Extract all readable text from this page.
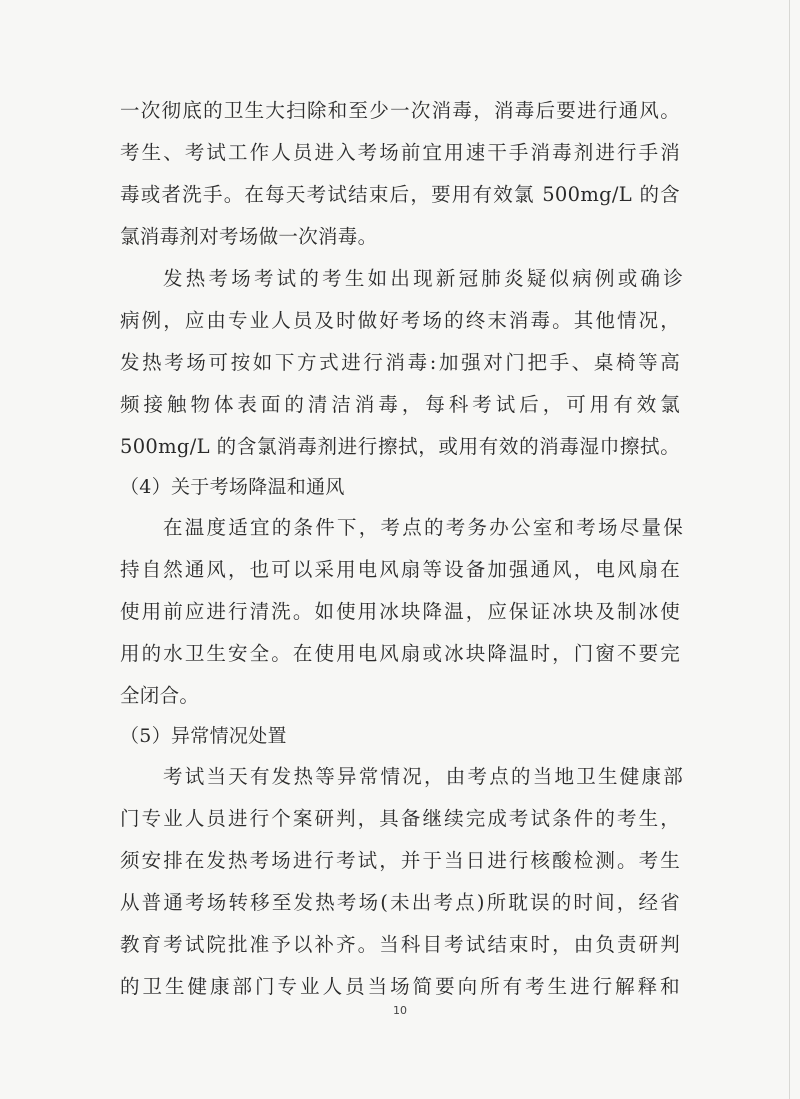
一次彻底的卫生大扫除和至少一次消毒，消毒后要进行通风。
考生、考试工作人员进入考场前宜用速干手消毒剂进行手消
毒或者洗手。在每天考试结束后，要用有效氯 500mg/L 的含
氯消毒剂对考场做一次消毒。
发热考场考试的考生如出现新冠肺炎疑似病例或确诊
病例，应由专业人员及时做好考场的终末消毒。其他情况，
发热考场可按如下方式进行消毒:加强对门把手、桌椅等高
频接触物体表面的清洁消毒，每科考试后，可用有效氯
500mg/L 的含氯消毒剂进行擦拭，或用有效的消毒湿巾擦拭。
（4）关于考场降温和通风
在温度适宜的条件下，考点的考务办公室和考场尽量保
持自然通风，也可以采用电风扇等设备加强通风，电风扇在
使用前应进行清洗。如使用冰块降温，应保证冰块及制冰使
用的水卫生安全。在使用电风扇或冰块降温时，门窗不要完
全闭合。
（5）异常情况处置
考试当天有发热等异常情况，由考点的当地卫生健康部
门专业人员进行个案研判，具备继续完成考试条件的考生，
须安排在发热考场进行考试，并于当日进行核酸检测。考生
从普通考场转移至发热考场(未出考点)所耽误的时间，经省
教育考试院批准予以补齐。当科目考试结束时，由负责研判
的卫生健康部门专业人员当场简要向所有考生进行解释和
10
